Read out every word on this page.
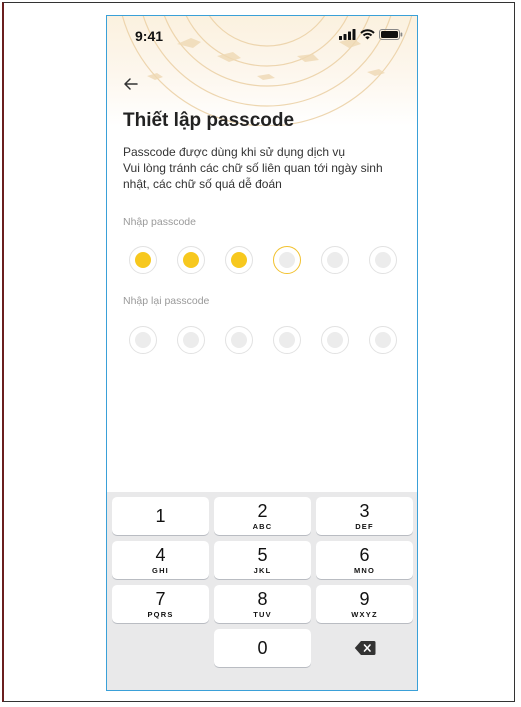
9:41
Thiết lập passcode
Passcode được dùng khi sử dụng dịch vụ
Vui lòng tránh các chữ số liên quan tới ngày sinh nhật, các chữ số quá dễ đoán
Nhập passcode
Nhập lại passcode
1	2
ABC
3
DEF
4
GHI
5
JKL
6
MNO
7
PQRS
8
TUV
9
WXYZ
0
